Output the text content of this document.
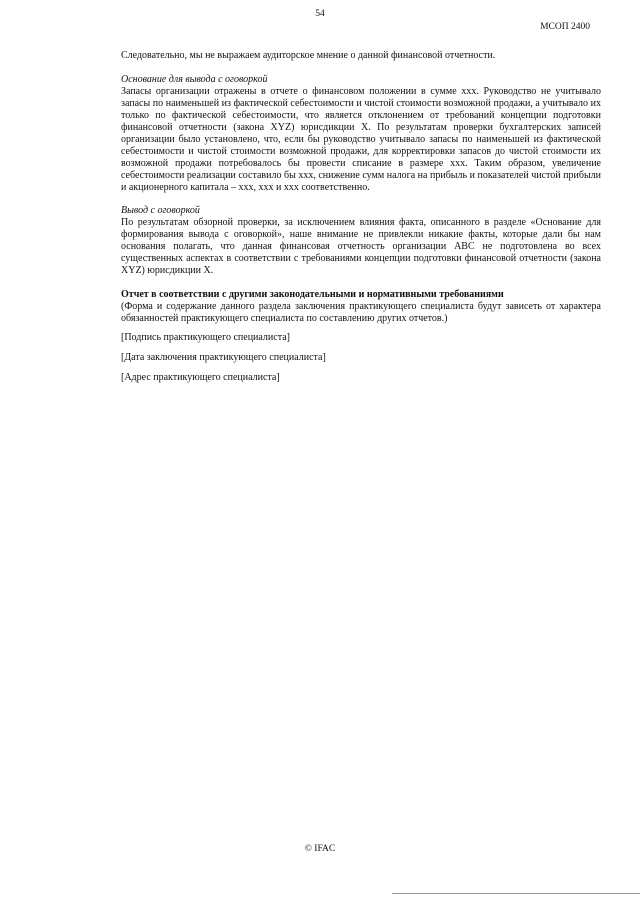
54
МСОП 2400

Следовательно, мы не выражаем аудиторское мнение о данной финансовой отчетности.

Основание для вывода с оговоркой

Запасы организации отражены в отчете о финансовом положении в сумме xxx. Руководство не учитывало запасы по наименьшей из фактической себестоимости и чистой стоимости возможной продажи, а учитывало их только по фактической себестоимости, что является отклонением от требований концепции подготовки финансовой отчетности (закона XYZ) юрисдикции X. По результатам проверки бухгалтерских записей организации было установлено, что, если бы руководство учитывало запасы по наименьшей из фактической себестоимости и чистой стоимости возможной продажи, для корректировки запасов до чистой стоимости их возможной продажи потребовалось бы провести списание в размере xxx. Таким образом, увеличение себестоимости реализации составило бы xxx, снижение сумм налога на прибыль и показателей чистой прибыли и акционерного капитала – xxx, xxx и xxx соответственно.

Вывод с оговоркой

По результатам обзорной проверки, за исключением влияния факта, описанного в разделе «Основание для формирования вывода с оговоркой», наше внимание не привлекли никакие факты, которые дали бы нам основания полагать, что данная финансовая отчетность организации ABC не подготовлена во всех существенных аспектах в соответствии с требованиями концепции подготовки финансовой отчетности (закона XYZ) юрисдикции X.

Отчет в соответствии с другими законодательными и нормативными требованиями

(Форма и содержание данного раздела заключения практикующего специалиста будут зависеть от характера обязанностей практикующего специалиста по составлению других отчетов.)

[Подпись практикующего специалиста]

[Дата заключения практикующего специалиста]

[Адрес практикующего специалиста]

© IFAC
